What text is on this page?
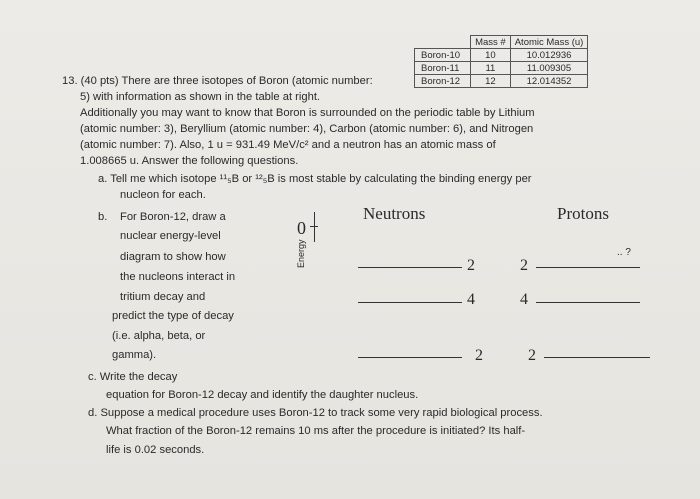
	Mass #	Atomic Mass (u)
Boron-10	10	10.012936
Boron-11	11	11.009305
Boron-12	12	12.014352
13. (40 pts) There are three isotopes of Boron (atomic number:
5) with information as shown in the table at right.
Additionally you may want to know that Boron is surrounded on the periodic table by Lithium
(atomic number: 3), Beryllium (atomic number: 4), Carbon (atomic number: 6), and Nitrogen
(atomic number: 7). Also, 1 u = 931.49 MeV/c² and a neutron has an atomic mass of
1.008665 u. Answer the following questions.
a. Tell me which isotope ¹¹₅B or ¹²₅B is most stable by calculating the binding energy per
nucleon for each.
b. For Boron-12, draw a
nuclear energy-level
diagram to show how
the nucleons interact in
tritium decay and
predict the type of decay
(i.e. alpha, beta, or
gamma).
c. Write the decay
equation for Boron-12 decay and identify the daughter nucleus.
d. Suppose a medical procedure uses Boron-12 to track some very rapid biological process.
What fraction of the Boron-12 remains 10 ms after the procedure is initiated? Its half-
life is 0.02 seconds.
0
Energy
Neutrons	Protons
.. ?
2
4
2
2
4
2
